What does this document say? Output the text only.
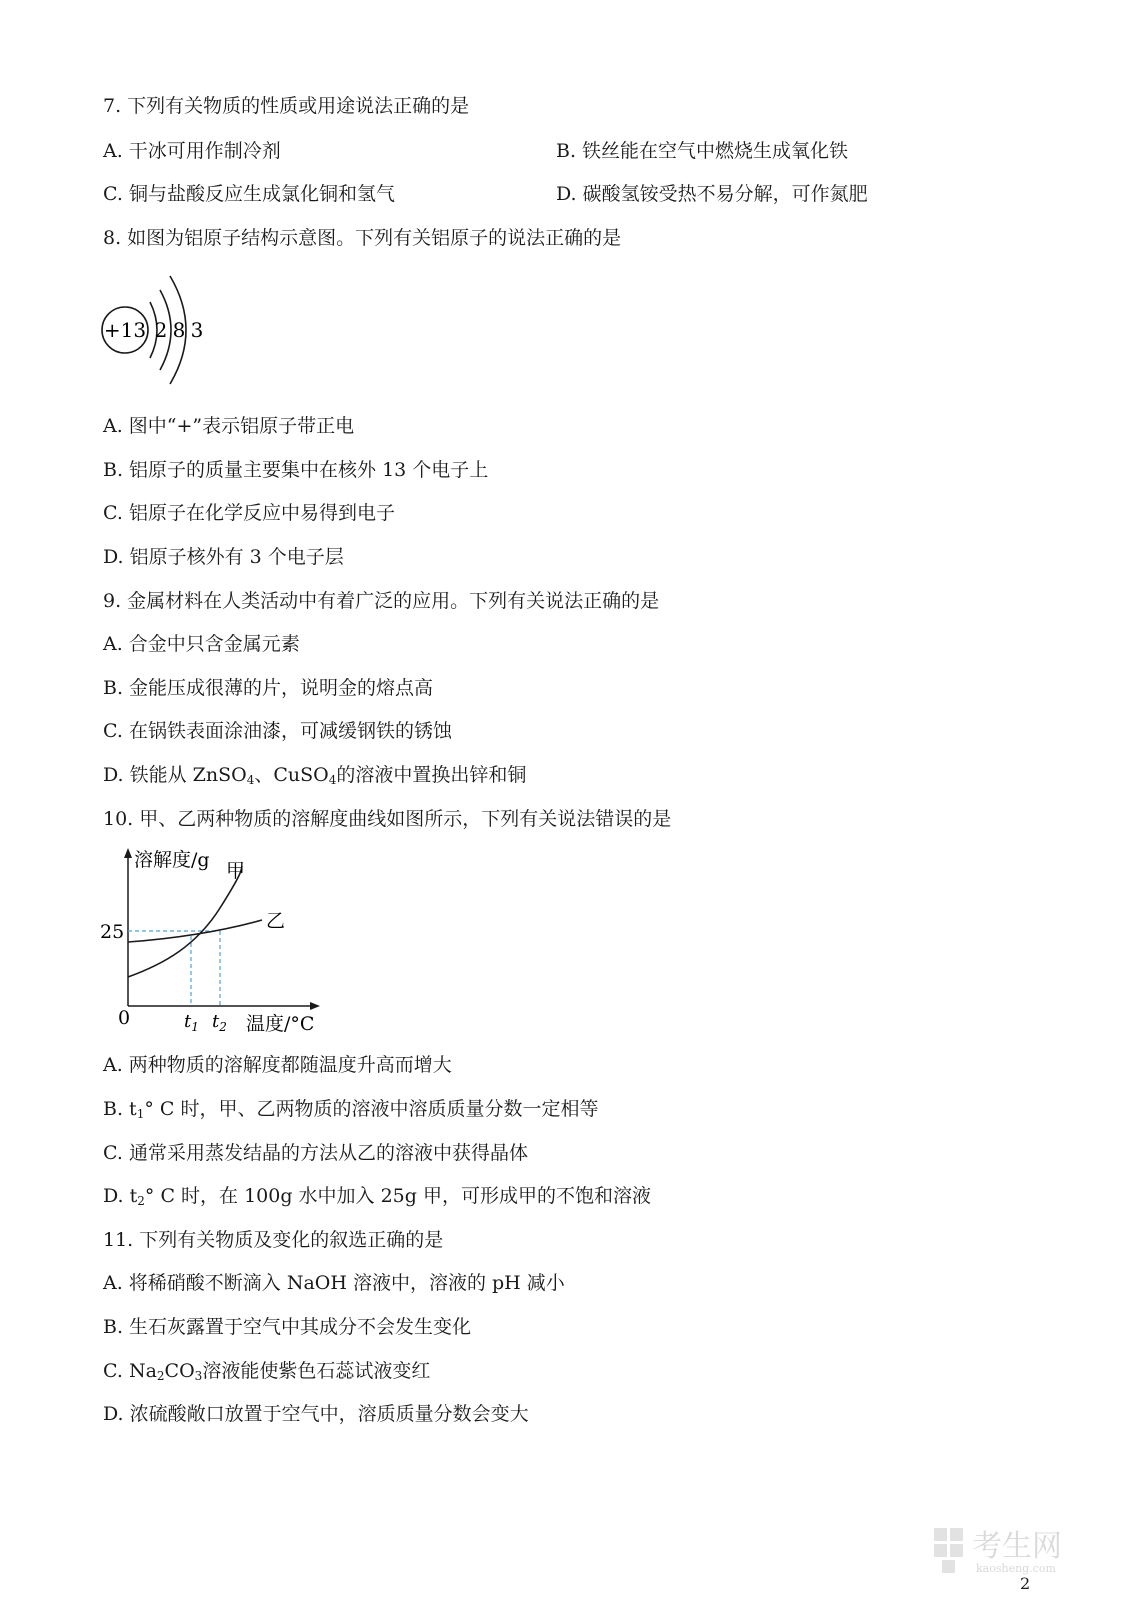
7. 下列有关物质的性质或用途说法正确的是
A. 干冰可用作制冷剂	B. 铁丝能在空气中燃烧生成氧化铁
C. 铜与盐酸反应生成氯化铜和氢气	D. 碳酸氢铵受热不易分解，可作氮肥
8. 如图为铝原子结构示意图。下列有关铝原子的说法正确的是
+13 2 8 3
A. 图中“+”表示铝原子带正电
B. 铝原子的质量主要集中在核外 13 个电子上
C. 铝原子在化学反应中易得到电子
D. 铝原子核外有 3 个电子层
9. 金属材料在人类活动中有着广泛的应用。下列有关说法正确的是
A. 合金中只含金属元素
B. 金能压成很薄的片，说明金的熔点高
C. 在锅铁表面涂油漆，可减缓钢铁的锈蚀
D. 铁能从 ZnSO$_4$、CuSO$_4$的溶液中置换出锌和铜
10. 甲、乙两种物质的溶解度曲线如图所示，下列有关说法错误的是
溶解度/g 甲
乙
25
0	$t_1$ $t_2$ 温度/°C
A. 两种物质的溶解度都随温度升高而增大
B. $t_1^\circ$ C 时，甲、乙两物质的溶液中溶质质量分数一定相等
C. 通常采用蒸发结晶的方法从乙的溶液中获得晶体
D. $t_2^\circ$ C 时，在 100g 水中加入 25g 甲，可形成甲的不饱和溶液
11. 下列有关物质及变化的叙选正确的是
A. 将稀硝酸不断滴入 NaOH 溶液中，溶液的 pH 减小
B. 生石灰露置于空气中其成分不会发生变化
C. $Na_2CO_3$溶液能使紫色石蕊试液变红
D. 浓硫酸敞口放置于空气中，溶质质量分数会变大
考生网
kaosheng.com
2
